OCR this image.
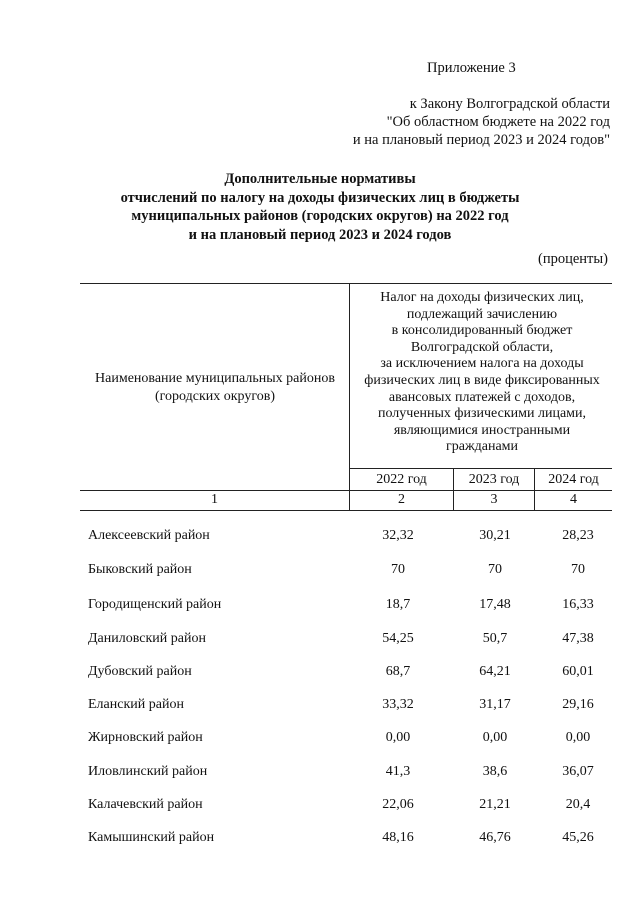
Приложение 3
к Закону Волгоградской области
"Об областном бюджете на 2022 год
и на плановый период 2023 и 2024 годов"
Дополнительные нормативы
отчислений по налогу на доходы физических лиц в бюджеты
муниципальных районов (городских округов) на 2022 год
и на плановый период 2023 и 2024 годов
(проценты)
Наименование муниципальных районов
(городских округов)
Налог на доходы физических лиц,
подлежащий зачислению
в консолидированный бюджет
Волгоградской области,
за исключением налога на доходы
физических лиц в виде фиксированных
авансовых платежей с доходов,
полученных физическими лицами,
являющимися иностранными
гражданами
2022 год	2023 год	2024 год
1	2	3	4
Алексеевский район	32,32	30,21	28,23
Быковский район	70	70	70
Городищенский район	18,7	17,48	16,33
Даниловский район	54,25	50,7	47,38
Дубовский район	68,7	64,21	60,01
Еланский район	33,32	31,17	29,16
Жирновский район	0,00	0,00	0,00
Иловлинский район	41,3	38,6	36,07
Калачевский район	22,06	21,21	20,4
Камышинский район	48,16	46,76	45,26
